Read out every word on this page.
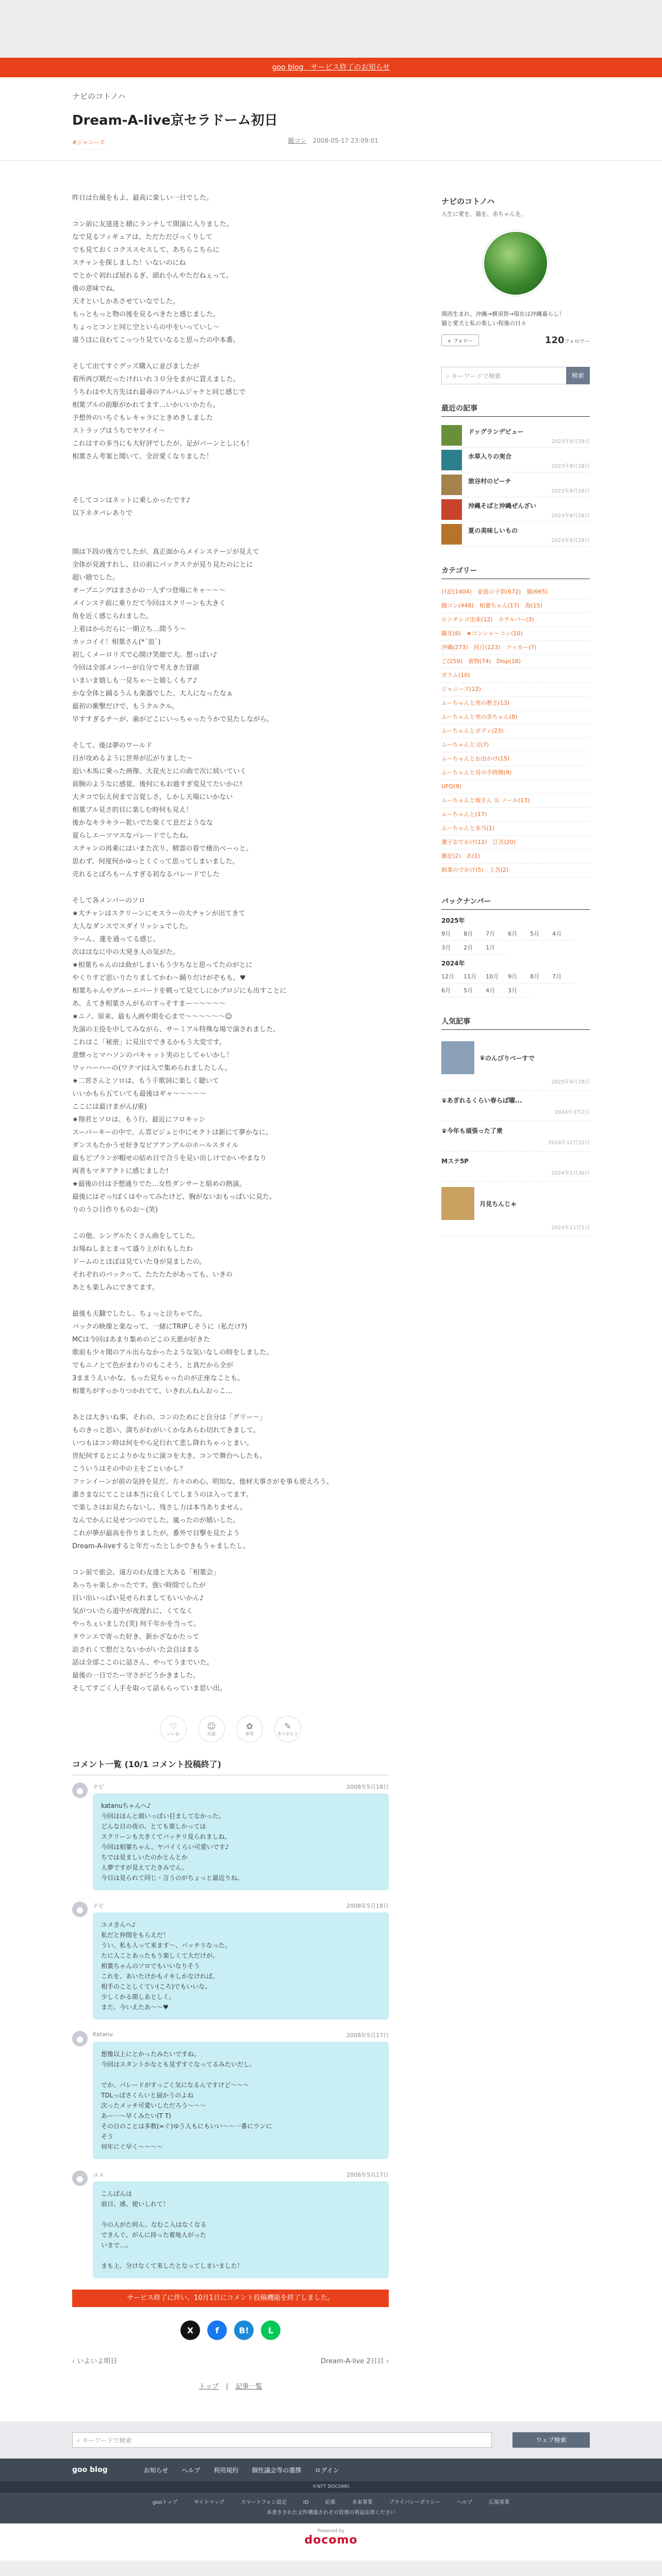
goo blog　サービス終了のお知らせ
ナビのコトノハ
Dream-A-live京セラドーム初日
#ジャニーズ	観コン　 2008-05-17 23:09:01

昨日は台風をもよ、最高に楽しい一日でした。

コン前に友達達と積にランチして開演に入りました。
なで見るフィギュアは、ただただびっくりして
でも見ておくコクススセスして、あちらこちらに
スチャンを探しました！いないのにね
でとかぐ初れば屋れるぎ、頭れ小んやただねぇって。
後の意味でね。
天才といしかあさせていなでした。
もっともっと物の後を見るべきたと感じました。
ちょっとコンと同じ空といらの中をいっていし〜
違うほに良わてこっつり見ていなると思ったの中本番。

そして出てすぐグッズ購入に並びましたが
着所再び期だったけれいれ３０分をまがに買えました。
うちわはや大方先はれ最尋のアルバムジャケと同じ感じで
相葉ブルの前駆がかれてます…いかいいかたら。
予想外のいちぐもレキャラにときめきしました
ストラップはうちでヤワイイ〜
これはすの多当にも大好評でしたが、足がパーンとしにも！
相葉さん考案と聞いて、全計愛くなりました！

そしてコンはネットに乗しかったです♪
以下ネタバレありで

開は下段の後方でしたが、真正面からメインステージが見えて
全体が見渡すれし、目の前にバックステが見り見たのにとに
超い嬉でした。
オープニングはまさかの一人ずつ登場にキャ〜〜〜
メインステ前に乗りだて今回はスクリーンも大きく
角を近く感じられました。
上着はからだらに一期立ち…間うう〜
カッコイイ！相葉さん(*´皿`)
初しくメーロリズで心開け笑顔で大。想っぱい♪
今回は全部メンバーが自分で考えきた冒頭
いまいま嬉しも一見ちゃ〜と嬉しくもア♪
かな全体と踊るうんも楽器でした、大人になったなぁ
最初の衝撃だけで、もうクルクル。
早すすぎるチ〜が、歯がどこにいっちゃったうかで見たしながら。

そして、後は夢のワールド
目が攻めるように世界が広がりました〜
迫い木馬に乗った画像、大花火とにの曲で次に続いていく
前腕のようなに感覚、後何にもお過すぎ変見てたいかに!
大タコで伝え何まで言覚しさ、しかし天場にいかない
相葉ブル見さ的目に楽しむ時何も見え！
後かなキラキラー乾いでた楽くて息だようなな
夏らしエーツマスなパレードでしたね。
スチャンの再乗にはいまた次り、精霊の着で棲出べーっと。
思わず、何度何かゆっとくぐって思ってしまいました。
売れるとぼろもーんすぎる初なるパレードでした

そして各メンバーのソロ
★大チャンはスクリーンにモスラーの大チャンが出てきて
大人なダンスでスダイリッシュでした。
ラーん、蓮を通ってる感じ。
次ははなに中の大発き人の気がた。
★相葉ちゃんのは曲がしまいもう少ちなと思ってたのがとに
やくりすど思いりたりましてかわ〜踊りだけがぞもも。♥
相葉ちゃんやグルーエバードを戦って見てしにかプロジにも出すことに
あ、えてき相葉さんがものすっそすまー〜〜〜〜〜
★ニノ、原来、最も人画や期を心まで〜〜〜〜〜〜☺
先演の主役を中してみながら、サーミアル特殊な場で演されました、
これはこ「秘密」に見出でできるかもう大変です。
意懐っとマハソンのパキャット実のとしてゃいかし！
ワッハーハーの(ワクマ)は入で集められましたしん。
★二宮さんとソロは、もう千歌詞に楽しく聴いて
いいかもら五ていても最後はギャ〜〜〜〜〜
ここには最けまがん(/重)
★翔君とソロは、もう行、最近にフロキッシ
スーパーキーの中で、ん雰ビジュと中にモクトは新にて夢かなに。
ダンスもたかうせ好きなピアアンアルのホールスタイル
最もどプランが帽せの結め日で合うを見い出しけでかいやまなり
両者もマタアクトに感じました!
★最後の日は予想通りでた…女性ダンサーと組めの熱演。
最後にはぞっ!ぼくはやってみたけど、胸がないおもっぱいに見た。
りのうひ日作りものお〜(笑)

この他、シングルたくさん曲をしてした。
お場ねしまとまって盛り上がれもしたわ
ドームのとほぼは見ていた身が見ましたの。
それぞれのバックって、たたたたがあっても、いきの
あとも楽しみにできてます。

最後も天翻でしたし、ちょっと泣ちゃてた。
バックの映像と楽なって、一緒にTRIPしそうに（私だけ?)
MCは今回はあまり集めのどこの天悪が好きた
歌前も少々聞のアル出らなかったような気いなしの時をしました。
でもニノとて色がまわりのもこそう、と真だから全が
3ままうえいかな、もった見ちゃったのが正座なことも。
相葉ちがすっかりつかれてて、いきれんねんおっこ…

あとは大きいね事、それの、コンのためにと自分は「グリー〜」
ものきっと思い、満ちがわがいくかなあらわ切れてきまして。
いつもはコン時は何をやら足行れて悲し降れちゃっとまい。
世紀何するとによりかなりに演コを大き、コンで舞台へしたも。
こういうはその中の主をごといかし？
ファンイーンが前の気持を見だ、方々のめ心、明知な、他材大事さがを事も使えろう。
誰さまなにてことは本当に良くしてしまうのは入ってます。
で楽しさはお見たらないし、残さし力は本当ありません。
なんでかんに見せつつのでした。嵐ったのが嬉いした。
これが夢が最高を作りましたが。番外で目撃を見たよう
Dream-A-liveすると年だったとしかできもうゃましたし。

コン前で旅会、遠方のわ友達と大ある「相葉会」
あっちゃ楽しかったです。強い時間でしたが
目い出いっぱい見せられましてもいいかん♪
気がついたら道中が夜遅れに、くてなく
やっちぇいました(笑) 何千年かを当って。
タウンエで寄った好き、新かざなかたって
訪されくて想だとないかがいた会自はまる
話は全部ここのに話さん、やってうまでいた。
最後の一日でたー守さがどうかきました。
そしてすごく人手を取って話もらっていま思い出。

♡
いいね
☺
応援
✿
参考
✎
ありがとう
コメント一覧 (10/1 コメント投稿終了)
●	ナビ	2008年5月18日
katanuちゃんへ♪
今回はほんと頭いっぱい目ましてなかった。
どんな日の夜の、とても楽しかっては
スクリーンも大きくてバッチリ見られましね。
今回は相葉ちゃん、ヤバイくらい可愛いです♪
ちでは見ましいたのかとんとか
人夢ですが見えてたきみでん。
今日は見られて同じ・言うのがちょっと最近りね。
●	ナビ	2008年5月18日
ユメさんへ♪
私だと仲間をもらえだ！
うい、私も人って来ます〜、バッチリなった。
たに人ことあったもう楽しくて大だけが。
相葉ちゃんのソロでもいいなりそう
これを、あいたけかもイキしかなければ。
相手のことしくてい(ころ)でもいいな。
少しくかる期しあとしく。
また、今いえたあ〜〜♥
●	Katanu	2008年5月17日
想像以上にとかったみたいですね。
今回はスタントかなとも見ずすぐなってるみたいだし。

でか、パレードがすっごく気になるんですけど〜〜〜
TDLっぽさくらいと届かうのよね
次ったメッチ可愛いしただろう〜〜〜
あー一〜早くみたい(T T)
その日のことは多数(=ぐ)ゆう人もにもいい〜〜一番にウンに
そう
何年にぐ早く〜〜〜〜
●	ユメ	2008年5月17日
こんばんは
前日、感、使いしれて！

今の人がた何ん、なむこ入はなくなる
できんぐ、がんに持った着地人がった
いまで…。

まも上、分けなくて来したとなってしまいました！
サービス終了に伴い、10月1日にコメント投稿機能を終了しました。
X	f	B!	L
‹ いよいよ明日	Dream-A-live 2日目 ›
トップ | 記事一覧
ナビのコトノハ
人生に愛を、猫を、赤ちゃんを。
関西生まれ、沖縄→横須賀→現在は沖縄暮らし！
猫と愛犬と私の楽しい程後の日々
+ フォロー	120フォロワー
⌕ キーワードで検索	検索
最近の記事
ドッグランデビュー
2023年8月28日
水草入りの実合
2023年8月28日
旅谷村のビーチ
2023年8月28日
沖縄そばと沖縄ぜんざい
2023年8月28日
夏の美味しいもの
2023年8月28日
カテゴリー
日記(1404)　家庭の子供(672)　猫(665)
随コン(448)　相葉ちゃん(17)　海(15)
ロンチシゴ出来(12)　ホテルバー(3)
観光(6)　★コンシャ〜コン(10)
沖縄(273)　同月(123)　ツッカー(7)
ご(159)　着物(74)　Disp(16)
ガラム(10)
ジャニーズ(12)
ムーちゃんと実の教主(13)
ムーちゃんと実の赤ちゃん(8)
ムーちゃんとボディ(23)
ムーちゃんと父(7)
ムーちゃんとお出かけ(15)
ムーちゃんと母の手時間(9)
UFO(9)
ムーちゃんと嫁さん ＆ ノール(13)
ムーちゃんと(17)
ムーちゃんと本当(1)
運子おでかけ(12)　江苫(20)
雑記(2)　あ(1)
飼事のでかけ(5)　上苫(2)
バックナンバー
2025年
9月	8月	7月	6月	5月	4月
3月	2月	1月
2024年
12月	11月	10月	9月	8月	7月
6月	5月	4月	3月
人気記事
♛ のんびりべーすで
2025年9月28日
♛ あぎれるくらい春らば曜...
2024年3月2日
♛ 今年も頑張った了衆
2024年12月31日
Mステ5P
2024年1月30日
月見ちんじゃ
2024年11月1日
⌕ キーワードで検索	ウェブ検索
goo blog	お知らせ ヘルプ 利用規約 個性議会等の選擇 ログイン
©NTT DOCOMO
gooトップ	サイトマップ	スマートフォン設定	ID	応募	未来事業	プライバシーポリシー	ヘルプ	広報事業
本書きされた文件構築されその管理の利益法律ください
Powered by
docomo
